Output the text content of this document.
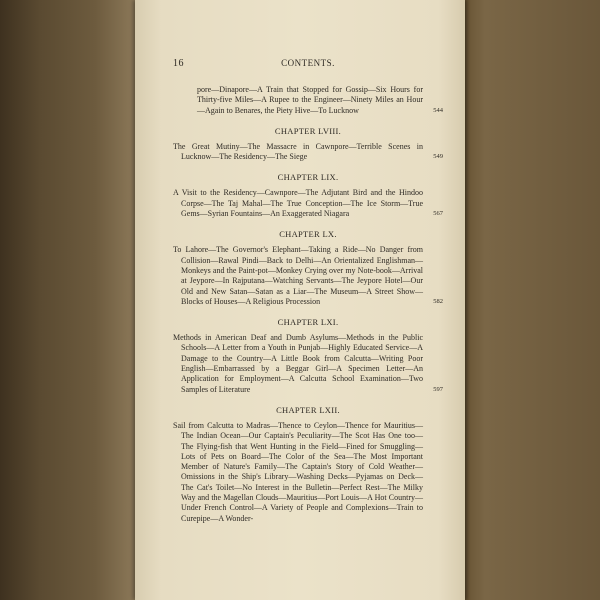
16	CONTENTS.
pore—Dinapore—A Train that Stopped for Gossip—Six Hours for Thirty-five Miles—A Rupee to the Engineer—Ninety Miles an Hour—Again to Benares, the Piety Hive—To Lucknow	544
CHAPTER LVIII.
The Great Mutiny—The Massacre in Cawnpore—Terrible Scenes in Lucknow—The Residency—The Siege	549
CHAPTER LIX.
A Visit to the Residency—Cawnpore—The Adjutant Bird and the Hindoo Corpse—The Taj Mahal—The True Conception—The Ice Storm—True Gems—Syrian Fountains—An Exaggerated Niagara	567
CHAPTER LX.
To Lahore—The Governor's Elephant—Taking a Ride—No Danger from Collision—Rawal Pindi—Back to Delhi—An Orientalized Englishman—Monkeys and the Paint-pot—Monkey Crying over my Note-book—Arrival at Jeypore—In Rajputana—Watching Servants—The Jeypore Hotel—Our Old and New Satan—Satan as a Liar—The Museum—A Street Show—Blocks of Houses—A Religious Procession	582
CHAPTER LXI.
Methods in American Deaf and Dumb Asylums—Methods in the Public Schools—A Letter from a Youth in Punjab—Highly Educated Service—A Damage to the Country—A Little Book from Calcutta—Writing Poor English—Embarrassed by a Beggar Girl—A Specimen Letter—An Application for Employment—A Calcutta School Examination—Two Samples of Literature	597
CHAPTER LXII.
Sail from Calcutta to Madras—Thence to Ceylon—Thence for Mauritius—The Indian Ocean—Our Captain's Peculiarity—The Scot Has One too—The Flying-fish that Went Hunting in the Field—Fined for Smuggling—Lots of Pets on Board—The Color of the Sea—The Most Important Member of Nature's Family—The Captain's Story of Cold Weather—Omissions in the Ship's Library—Washing Decks—Pyjamas on Deck—The Cat's Toilet—No Interest in the Bulletin—Perfect Rest—The Milky Way and the Magellan Clouds—Mauritius—Port Louis—A Hot Country—Under French Control—A Variety of People and Complexions—Train to Curepipe—A Wonder-
